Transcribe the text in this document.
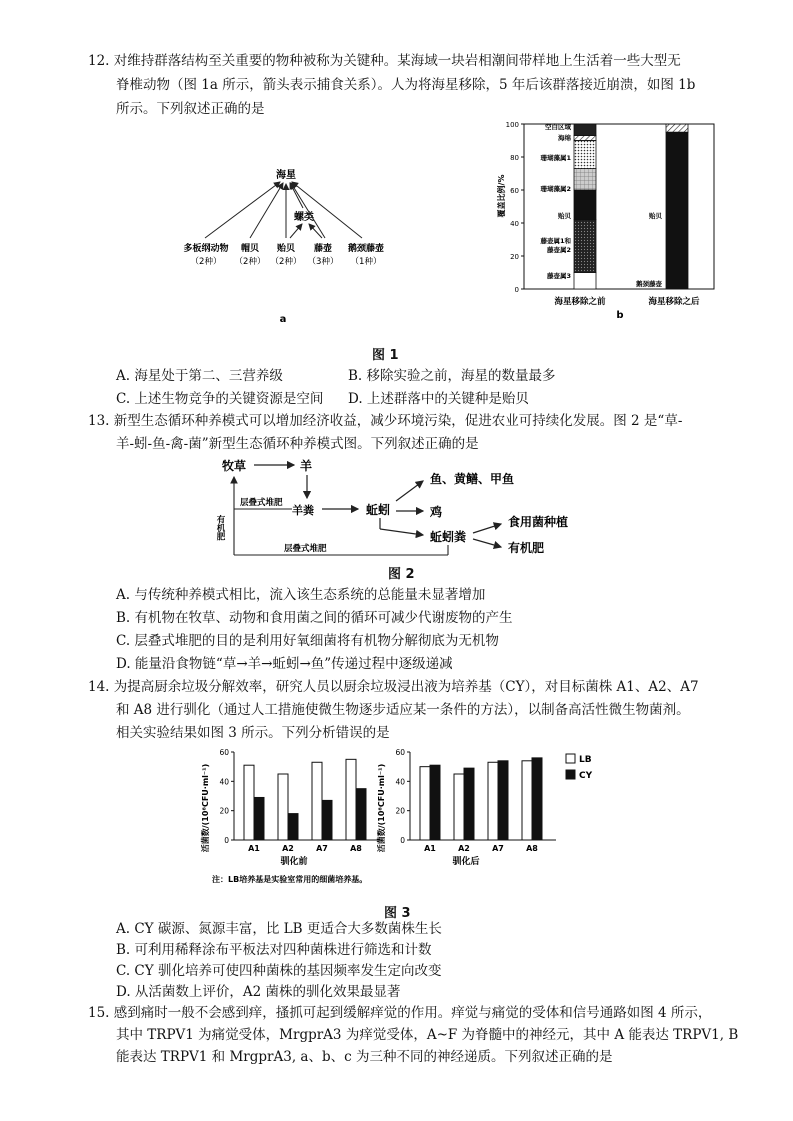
12. 对维持群落结构至关重要的物种被称为关键种。某海域一块岩相潮间带样地上生活着一些大型无
脊椎动物（图 1a 所示，箭头表示捕食关系）。人为将海星移除，5 年后该群落接近崩溃，如图 1b
所示。下列叙述正确的是
海星
螺类
多板纲动物
（2种）
帽贝
（2种）
贻贝
（2种）
藤壶
（3种）
鹅颈藤壶
（1种）
a
0
20
40
60
80
100	空白区域
海绵
珊瑚藻属1
珊瑚藻属2
贻贝
藤壶属1和
藤壶属2
藤壶属3
贻贝
鹅颈藤壶
覆盖比例/%
海星移除之前	海星移除之后
b
图 1
A. 海星处于第二、三营养级	B. 移除实验之前，海星的数量最多
C. 上述生物竞争的关键资源是空间 D. 上述群落中的关键种是贻贝
13. 新型生态循环种养模式可以增加经济收益，减少环境污染，促进农业可持续化发展。图 2 是“草-
羊-蚓-鱼-禽-菌”新型生态循环种养模式图。下列叙述正确的是
牧草	羊
羊粪
层叠式堆肥
有机肥
蚯蚓
鱼、黄鳝、甲鱼
鸡
蚯蚓粪
食用菌种植
有机肥
层叠式堆肥
图 2
A. 与传统种养模式相比，流入该生态系统的总能量未显著增加
B. 有机物在牧草、动物和食用菌之间的循环可减少代谢废物的产生
C. 层叠式堆肥的目的是利用好氧细菌将有机物分解彻底为无机物
D. 能量沿食物链“草→羊→蚯蚓→鱼”传递过程中逐级递减
14. 为提高厨余垃圾分解效率，研究人员以厨余垃圾浸出液为培养基（CY），对目标菌株 A1、A2、A7
和 A8 进行驯化（通过人工措施使微生物逐步适应某一条件的方法），以制备高活性微生物菌剂。
相关实验结果如图 3 所示。下列分析错误的是
0
20
40
60
A1	A2	A7	A8
0
20
40
60
A1	A2	A7	A8
活菌数/(10⁸CFU·ml⁻¹)	活菌数/(10⁸CFU·ml⁻¹)
驯化前	驯化后
LB
CY
注：LB培养基是实验室常用的细菌培养基。
图 3
A. CY 碳源、氮源丰富，比 LB 更适合大多数菌株生长
B. 可利用稀释涂布平板法对四种菌株进行筛选和计数
C. CY 驯化培养可使四种菌株的基因频率发生定向改变
D. 从活菌数上评价，A2 菌株的驯化效果最显著
15. 感到痛时一般不会感到痒，搔抓可起到缓解痒觉的作用。痒觉与痛觉的受体和信号通路如图 4 所示，
其中 TRPV1 为痛觉受体，MrgprA3 为痒觉受体，A~F 为脊髓中的神经元，其中 A 能表达 TRPV1, B
能表达 TRPV1 和 MrgprA3, a、b、c 为三种不同的神经递质。下列叙述正确的是
